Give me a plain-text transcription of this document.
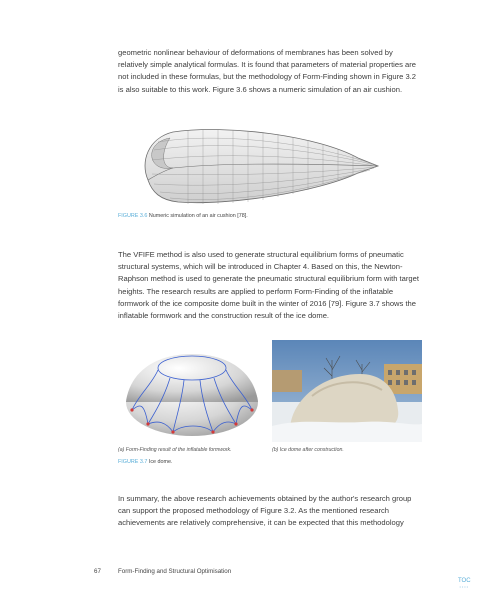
geometric nonlinear behaviour of deformations of membranes has been solved by relatively simple analytical formulas. It is found that parameters of material properties are not included in these formulas, but the methodology of Form-Finding shown in Figure 3.2 is also suitable to this work. Figure 3.6 shows a numeric simulation of an air cushion.

FIGURE 3.6 Numeric simulation of an air cushion [78].

The VFIFE method is also used to generate structural equilibrium forms of pneumatic structural systems, which will be introduced in Chapter 4. Based on this, the Newton-Raphson method is used to generate the pneumatic structural equilibrium form with target heights. The research results are applied to perform Form-Finding of the inflatable formwork of the ice composite dome built in the winter of 2016 [79]. Figure 3.7 shows the inflatable formwork and the construction result of the ice dome.

(a) Form-Finding result of the inflatable formwork.	(b) Ice dome after construction.
FIGURE 3.7 Ice dome.

In summary, the above research achievements obtained by the author's research group can support the proposed methodology of Figure 3.2. As the mentioned research achievements are relatively comprehensive, it can be expected that this methodology

67	Form-Finding and Structural Optimisation
TOC
••••
